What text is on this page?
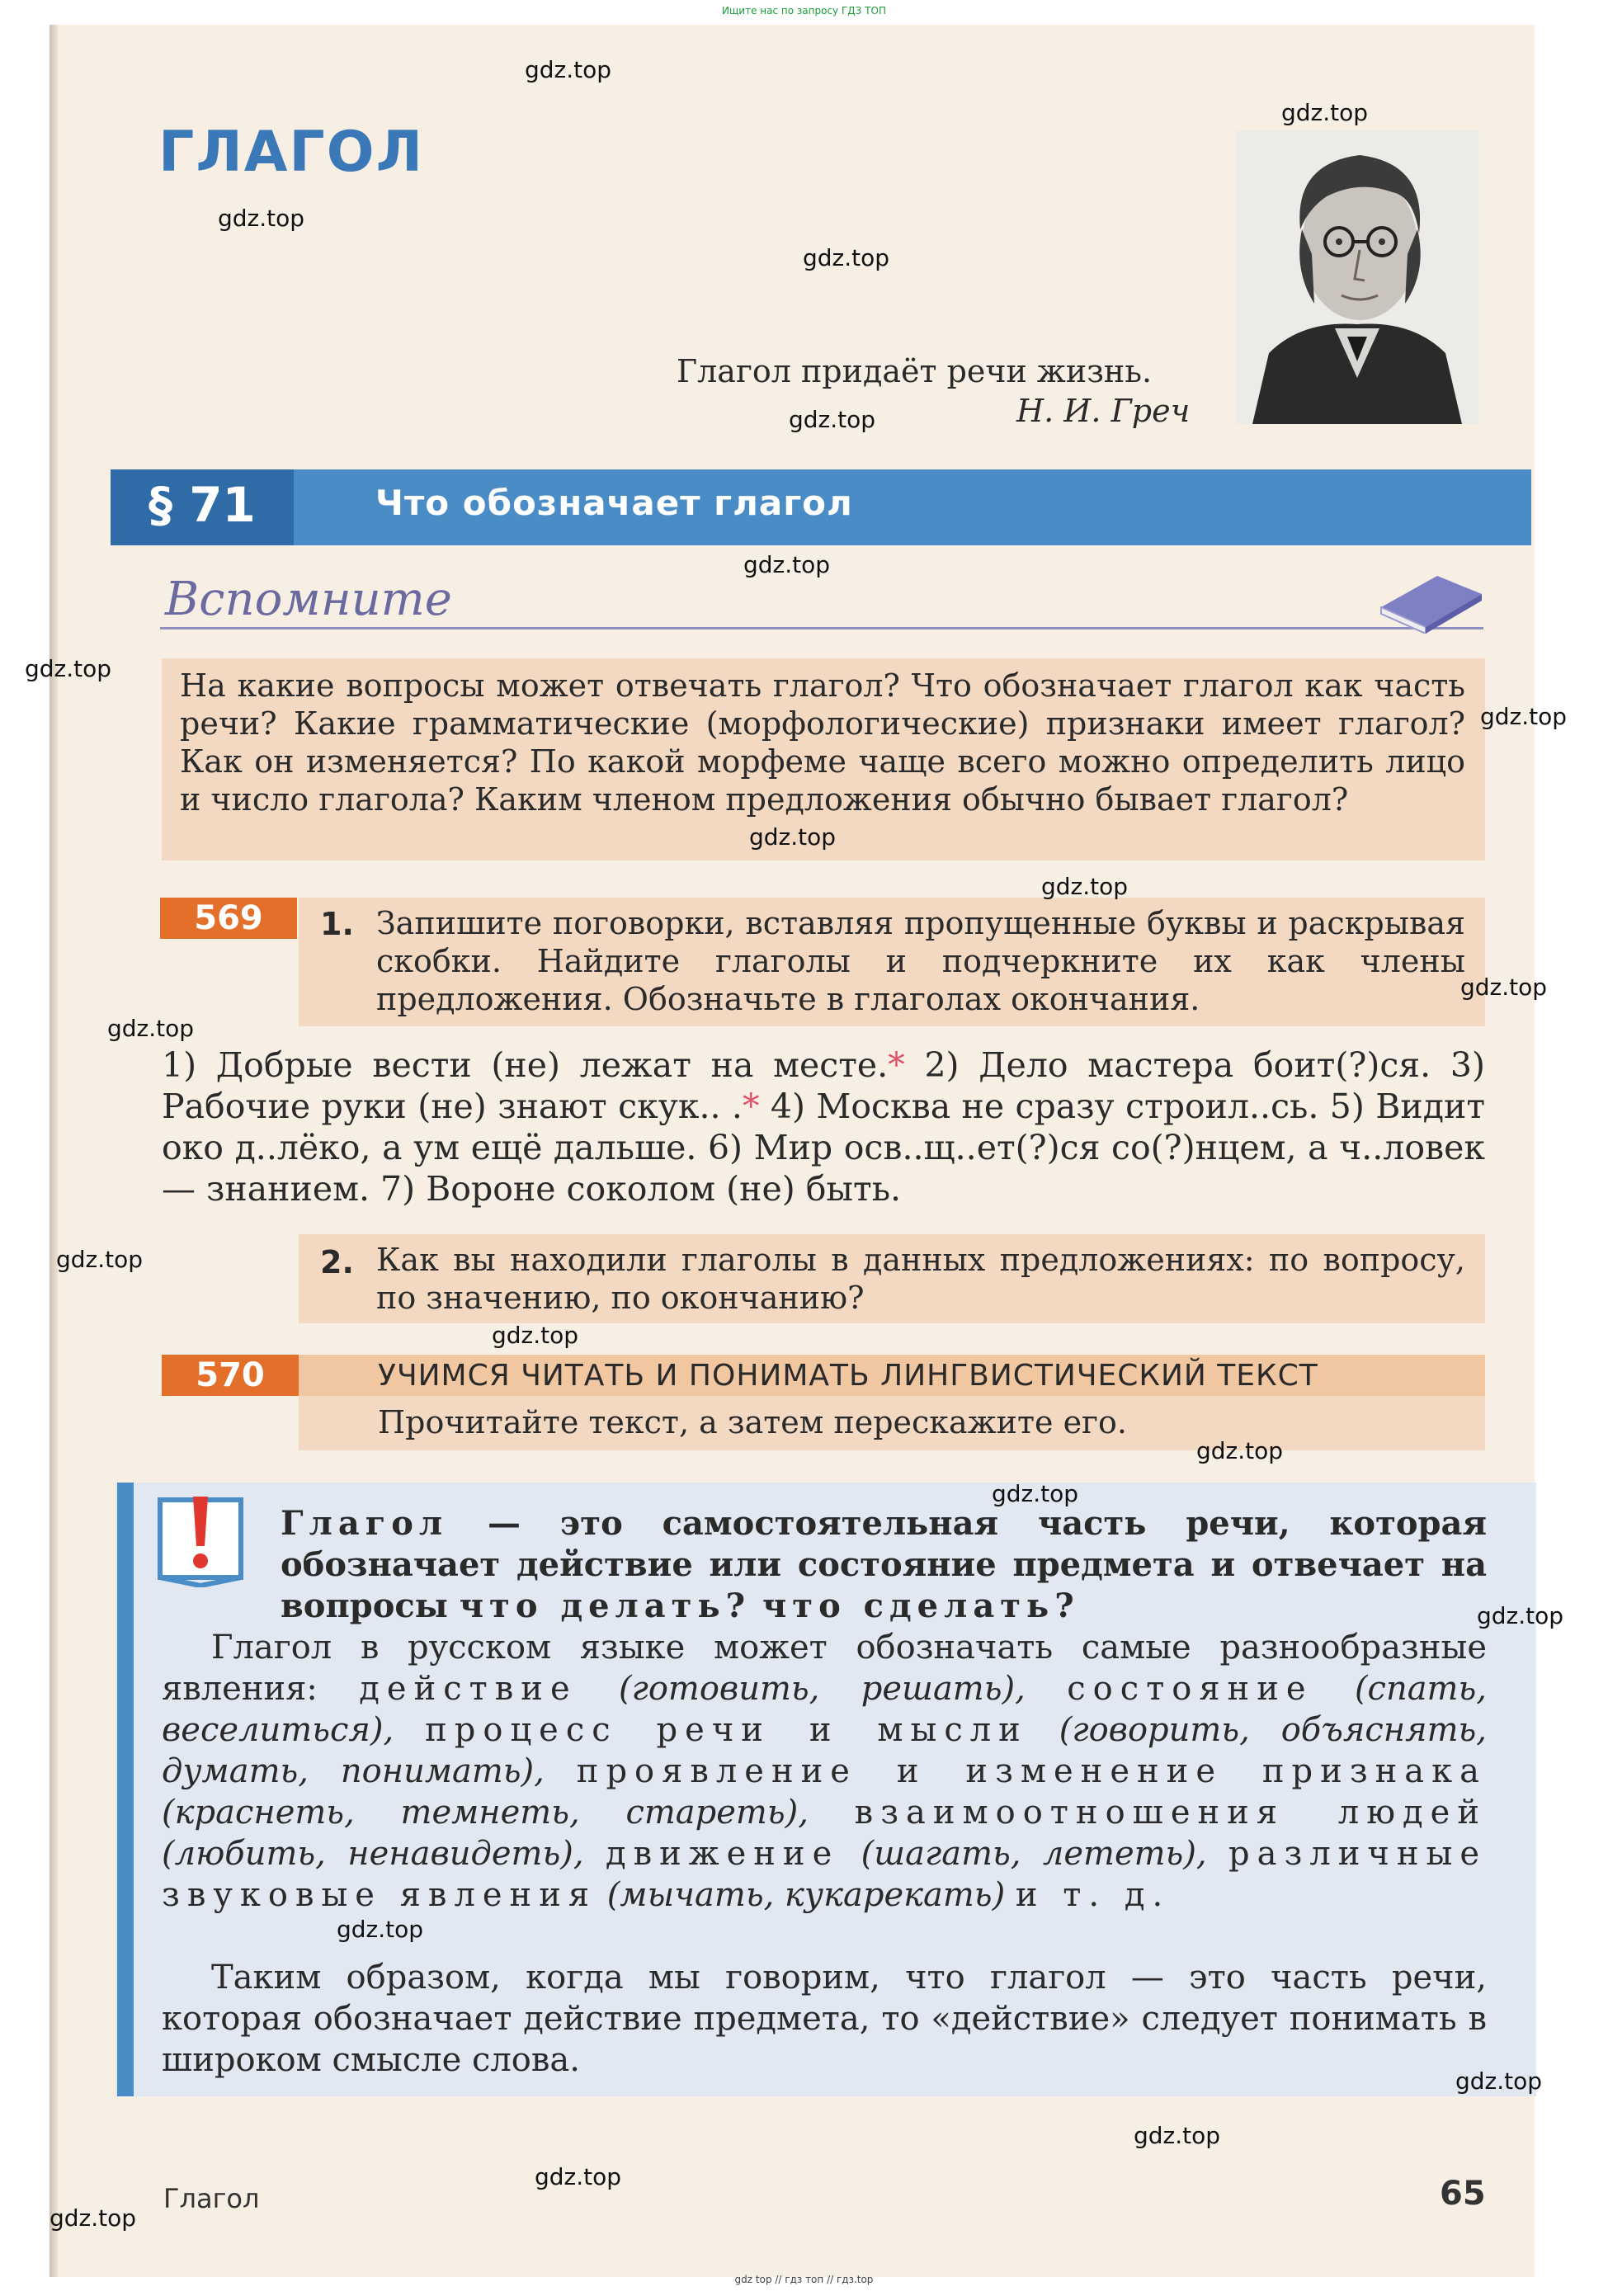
Ищите нас по запросу ГДЗ ТОП
ГЛАГОЛ
Глагол придаёт речи жизнь.
Н. И. Греч
§ 71	Что обозначает глагол
Вспомните
На какие вопросы может отвечать глагол? Что обозначает глагол как часть речи? Какие грамматические (морфологические) признаки имеет глагол? Как он изменяется? По какой морфеме чаще всего можно определить лицо и число глагола? Каким членом предложения обычно бывает глагол?
569	1. Запишите поговорки, вставляя пропущенные буквы и раскрывая скобки. Найдите глаголы и подчеркните их как члены предложения. Обозначьте в глаголах окончания.
1) Добрые вести (не) лежат на месте.* 2) Дело мастера боит(?)ся. 3) Рабочие руки (не) знают скук.. .* 4) Москва не сразу строил..сь. 5) Видит око д..лёко, а ум ещё дальше. 6) Мир осв..щ..ет(?)ся со(?)нцем, а ч..ловек — знанием. 7) Вороне соколом (не) быть.
2. Как вы находили глаголы в данных предложениях: по вопросу, по значению, по окончанию?
570	УЧИМСЯ ЧИТАТЬ И ПОНИМАТЬ ЛИНГВИСТИЧЕСКИЙ ТЕКСТ
Прочитайте текст, а затем перескажите его.
Глагол — это самостоятельная часть речи, которая обозначает действие или состояние предмета и отвечает на вопросы что делать? что сделать?
Глагол в русском языке может обозначать самые разнообразные явления: действие (готовить, решать), состояние (спать, веселиться), процесс речи и мысли (говорить, объяснять, думать, понимать), проявление и изменение признака (краснеть, темнеть, стареть), взаимоотношения людей (любить, ненавидеть), движение (шагать, лететь), различные звуковые явления (мычать, кукарекать) и т. д.
Таким образом, когда мы говорим, что глагол — это часть речи, которая обозначает действие предмета, то «действие» следует понимать в широком смысле слова.
Глагол	65
gdz.top
gdz.top
gdz.top
gdz.top
gdz.top
gdz.top
gdz.top
gdz.top
gdz.top
gdz.top
gdz.top
gdz.top
gdz.top
gdz.top
gdz.top
gdz.top
gdz.top
gdz.top
gdz.top
gdz.top
gdz.top
gdz.top
gdz top // гдз топ // гдз.top
